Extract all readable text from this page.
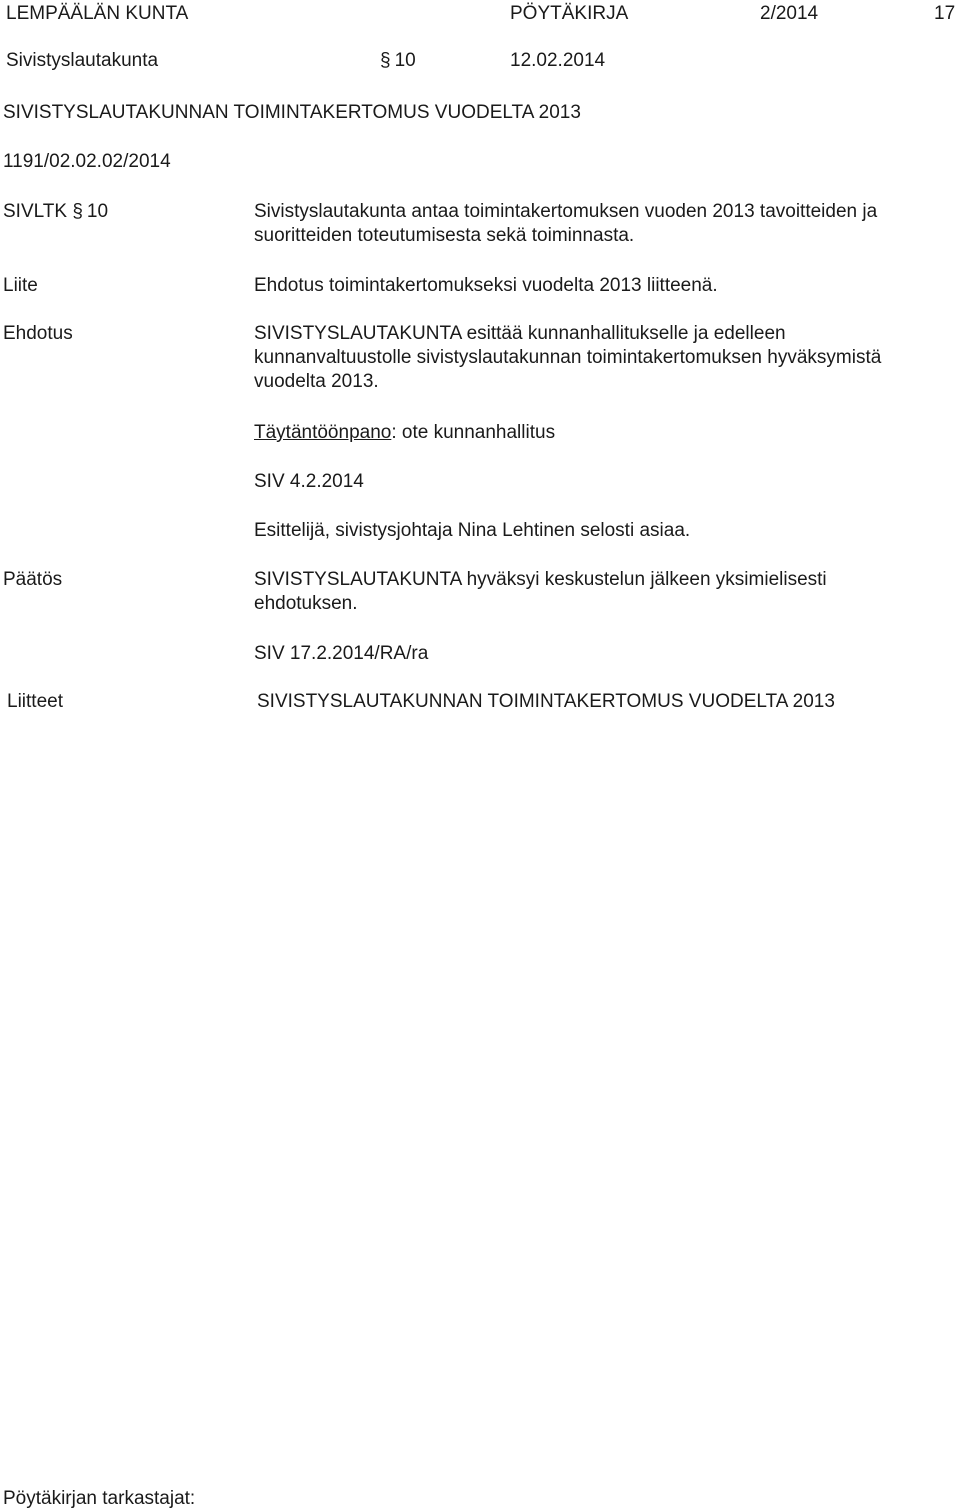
LEMPÄÄLÄN KUNTA	PÖYTÄKIRJA	2/2014	17
Sivistyslautakunta	§ 10	12.02.2014
SIVISTYSLAUTAKUNNAN TOIMINTAKERTOMUS VUODELTA 2013
1191/02.02.02/2014
SIVLTK § 10	Sivistyslautakunta antaa toimintakertomuksen vuoden 2013 tavoitteiden ja suoritteiden toteutumisesta sekä toiminnasta.
Liite	Ehdotus toimintakertomukseksi vuodelta 2013 liitteenä.
Ehdotus	SIVISTYSLAUTAKUNTA esittää kunnanhallitukselle ja edelleen kunnanvaltuustolle sivistyslautakunnan toimintakertomuksen hyväksymistä vuodelta 2013.
Täytäntöönpano: ote kunnanhallitus
SIV 4.2.2014
Esittelijä, sivistysjohtaja Nina Lehtinen selosti asiaa.
Päätös	SIVISTYSLAUTAKUNTA hyväksyi keskustelun jälkeen yksimielisesti ehdotuksen.
SIV 17.2.2014/RA/ra
Liitteet	SIVISTYSLAUTAKUNNAN TOIMINTAKERTOMUS VUODELTA 2013
Pöytäkirjan tarkastajat:
